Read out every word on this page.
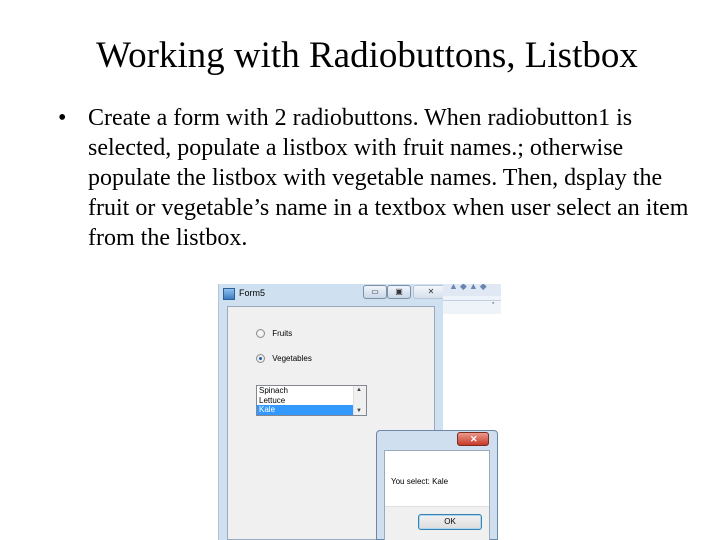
Working with Radiobuttons, Listbox
• Create a form with 2 radiobuttons. When radiobutton1 is selected, populate a listbox with fruit names.; otherwise populate the listbox with vegetable names. Then, dsplay the fruit or vegetable’s name in a textbox when user select an item from the listbox.
Form5	▭	▣	✕
▲◆▲◆
▪
Fruits
Vegetables
Spinach
Lettuce
Kale
▲
▼
✕
You select: Kale
OK
